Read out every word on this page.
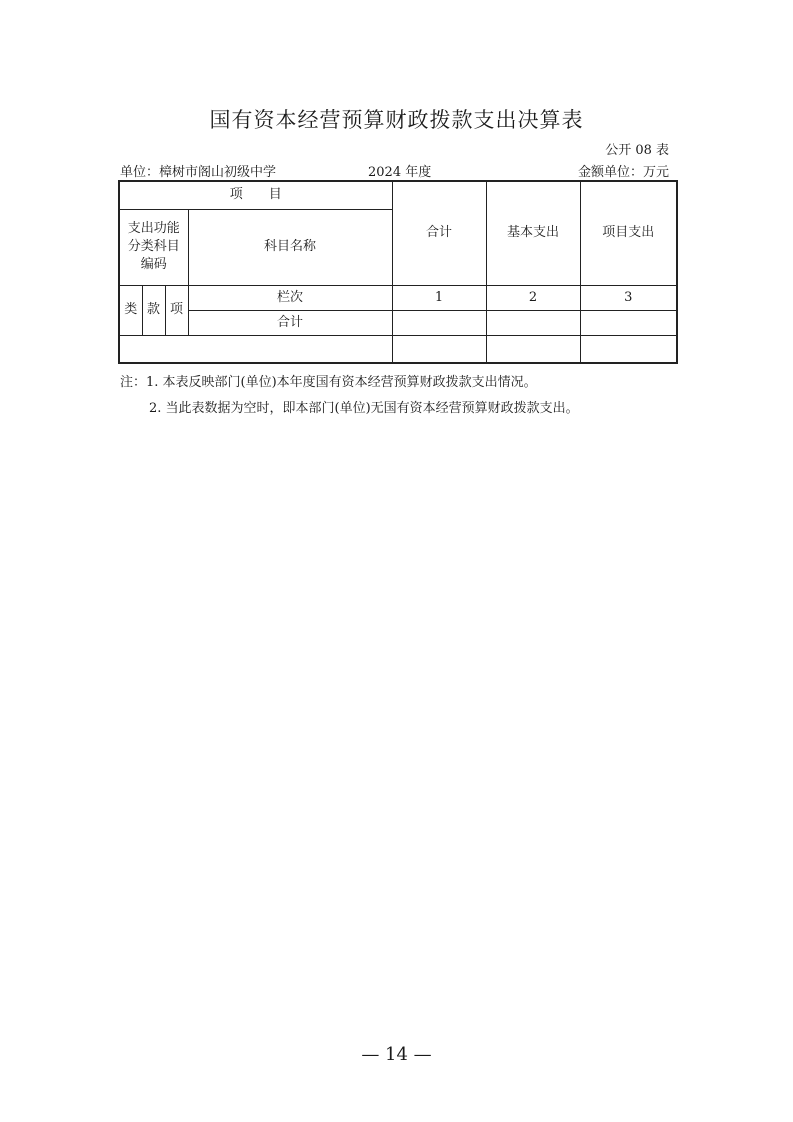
国有资本经营预算财政拨款支出决算表
公开 08 表
单位：樟树市阁山初级中学	2024 年度	金额单位：万元
项　　目				合计	基本支出	项目支出
支出功能分类科目编码			科目名称			
类	款	项	栏次	1	2	3
			合计			

注：1. 本表反映部门(单位)本年度国有资本经营预算财政拨款支出情况。
2. 当此表数据为空时，即本部门(单位)无国有资本经营预算财政拨款支出。
— 14 —
